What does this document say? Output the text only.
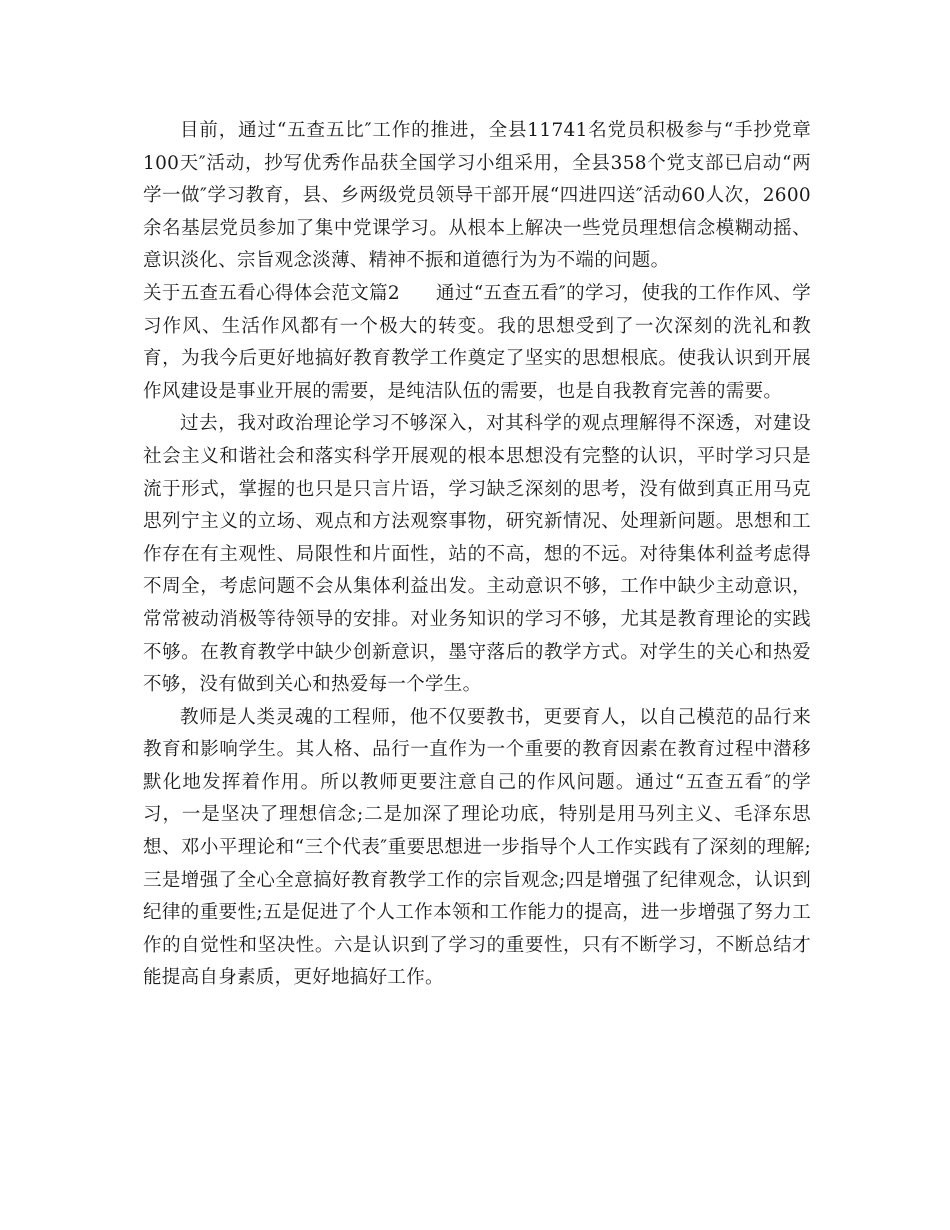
目前，通过“五查五比″工作的推进，全县11741名党员积极参与“手抄党章100天″活动，抄写优秀作品获全国学习小组采用，全县358个党支部已启动“两学一做″学习教育，县、乡两级党员领导干部开展“四进四送″活动60人次，2600余名基层党员参加了集中党课学习。从根本上解决一些党员理想信念模糊动摇、意识淡化、宗旨观念淡薄、精神不振和道德行为为不端的问题。

关于五查五看心得体会范文篇2 通过“五查五看″的学习，使我的工作作风、学习作风、生活作风都有一个极大的转变。我的思想受到了一次深刻的洗礼和教育，为我今后更好地搞好教育教学工作奠定了坚实的思想根底。使我认识到开展作风建设是事业开展的需要，是纯洁队伍的需要，也是自我教育完善的需要。

过去，我对政治理论学习不够深入，对其科学的观点理解得不深透，对建设社会主义和谐社会和落实科学开展观的根本思想没有完整的认识，平时学习只是流于形式，掌握的也只是只言片语，学习缺乏深刻的思考，没有做到真正用马克思列宁主义的立场、观点和方法观察事物，研究新情况、处理新问题。思想和工作存在有主观性、局限性和片面性，站的不高，想的不远。对待集体利益考虑得不周全，考虑问题不会从集体利益出发。主动意识不够，工作中缺少主动意识，常常被动消极等待领导的安排。对业务知识的学习不够，尤其是教育理论的实践不够。在教育教学中缺少创新意识，墨守落后的教学方式。对学生的关心和热爱不够，没有做到关心和热爱每一个学生。

教师是人类灵魂的工程师，他不仅要教书，更要育人，以自己模范的品行来教育和影响学生。其人格、品行一直作为一个重要的教育因素在教育过程中潜移默化地发挥着作用。所以教师更要注意自己的作风问题。通过“五查五看″的学习，一是坚决了理想信念;二是加深了理论功底，特别是用马列主义、毛泽东思想、邓小平理论和“三个代表″重要思想进一步指导个人工作实践有了深刻的理解;三是增强了全心全意搞好教育教学工作的宗旨观念;四是增强了纪律观念，认识到纪律的重要性;五是促进了个人工作本领和工作能力的提高，进一步增强了努力工作的自觉性和坚决性。六是认识到了学习的重要性，只有不断学习，不断总结才能提高自身素质，更好地搞好工作。
